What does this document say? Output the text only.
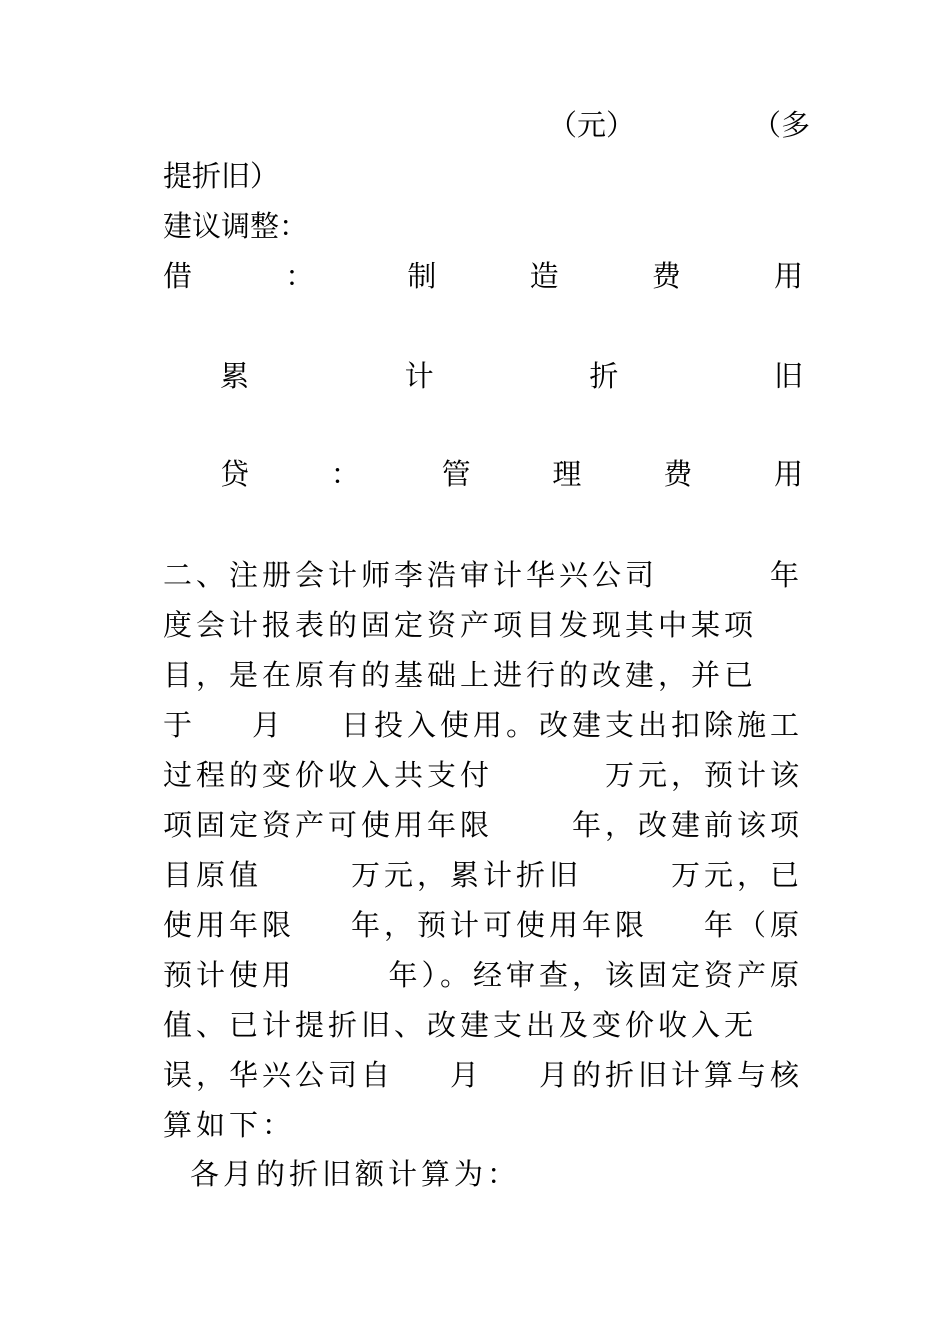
（元）	（多
提折旧）
建议调整：
借	：	制	造	费	用
累	计	折	旧
贷	：	管	理	费	用
二、注册会计师李浩审计华兴公司	年
度会计报表的固定资产项目发现其中某项
目，是在原有的基础上进行的改建，并已
于 月 日投入使用。改建支出扣除施工
过程的变价收入共支付	万元，预计该
项固定资产可使用年限	年，改建前该项
目原值	万元，累计折旧	万元，已
使用年限 年，预计可使用年限 年（原
预计使用	年）。经审查，该固定资产原
值、已计提折旧、改建支出及变价收入无
误，华兴公司自 月 月的折旧计算与核
算如下：
各月的折旧额计算为：
